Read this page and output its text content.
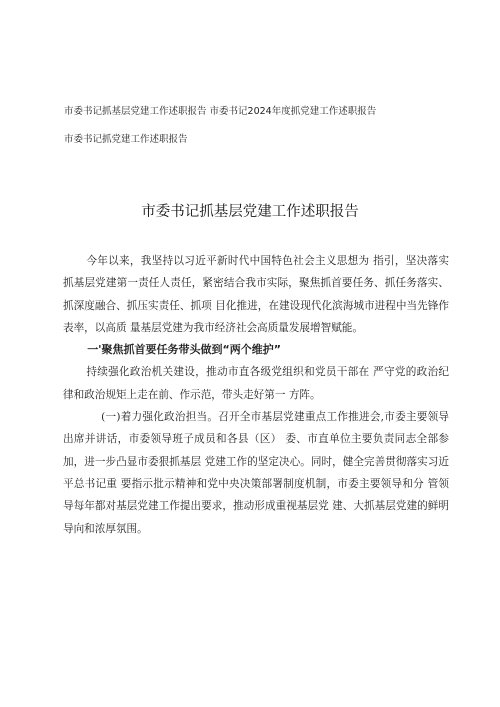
市委书记抓基层党建工作述职报告 市委书记2024年度抓党建工作述职报告
市委书记抓党建工作述职报告
市委书记抓基层党建工作述职报告

今年以来，我坚持以习近平新时代中国特色社会主义思想为 指引，坚决落实抓基层党建第一责任人责任，紧密结合我市实际，聚焦抓首要任务、抓任务落实、抓深度融合、抓压实责任、抓项 目化推进，在建设现代化滨海城市进程中当先锋作表率，以高质 量基层党建为我市经济社会高质量发展增智赋能。

一'聚焦抓首要任务带头做到“两个维护”

持续强化政治机关建设，推动市直各级党组织和党员干部在 严守党的政治纪律和政治规矩上走在前、作示范，带头走好第一 方阵。

(一)着力强化政治担当。召开全市基层党建重点工作推进会,市委主要领导出席并讲话，市委领导班子成员和各县（区） 委、市直单位主要负责同志全部参加，进一步凸显市委狠抓基层 党建工作的坚定决心。同时，健全完善贯彻落实习近平总书记重 要指示批示精神和党中央决策部署制度机制，市委主要领导和分 管领导每年都对基层党建工作提出要求，推动形成重视基层党 建、大抓基层党建的鲜明导向和浓厚氛围。
